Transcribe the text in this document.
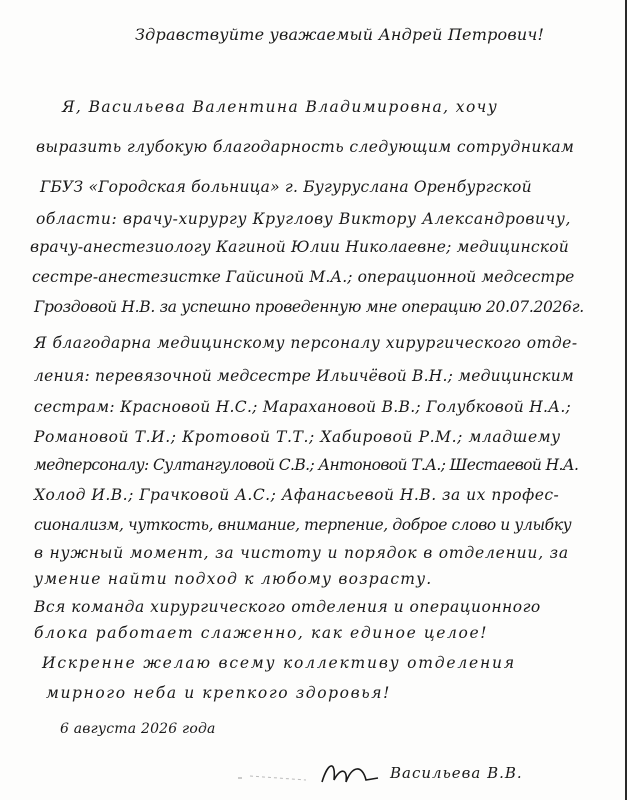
Здравствуйте уважаемый Андрей Петрович!
Я, Васильева Валентина Владимировна, хочу
выразить глубокую благодарность следующим сотрудникам
ГБУЗ «Городская больница» г. Бугуруслана Оренбургской
области: врачу-хирургу Круглову Виктору Александровичу,
врачу-анестезиологу Кагиной Юлии Николаевне; медицинской
сестре-анестезистке Гайсиной М.А.; операционной медсестре
Гроздовой Н.В. за успешно проведенную мне операцию 20.07.2026г.
Я благодарна медицинскому персоналу хирургического отде-
ления: перевязочной медсестре Ильичёвой В.Н.; медицинским
сестрам: Красновой Н.С.; Марахановой В.В.; Голубковой Н.А.;
Романовой Т.И.; Кротовой Т.Т.; Хабировой Р.М.; младшему
медперсоналу: Султангуловой С.В.; Антоновой Т.А.; Шестаевой Н.А.
Холод И.В.; Грачковой А.С.; Афанасьевой Н.В. за их профес-
сионализм, чуткость, внимание, терпение, доброе слово и улыбку
в нужный момент, за чистоту и порядок в отделении, за
умение найти подход к любому возрасту.
Вся команда хирургического отделения и операционного
блока работает слаженно, как единое целое!
Искренне желаю всему коллективу отделения
мирного неба и крепкого здоровья!
6 августа 2026 года
Васильева В.В.
